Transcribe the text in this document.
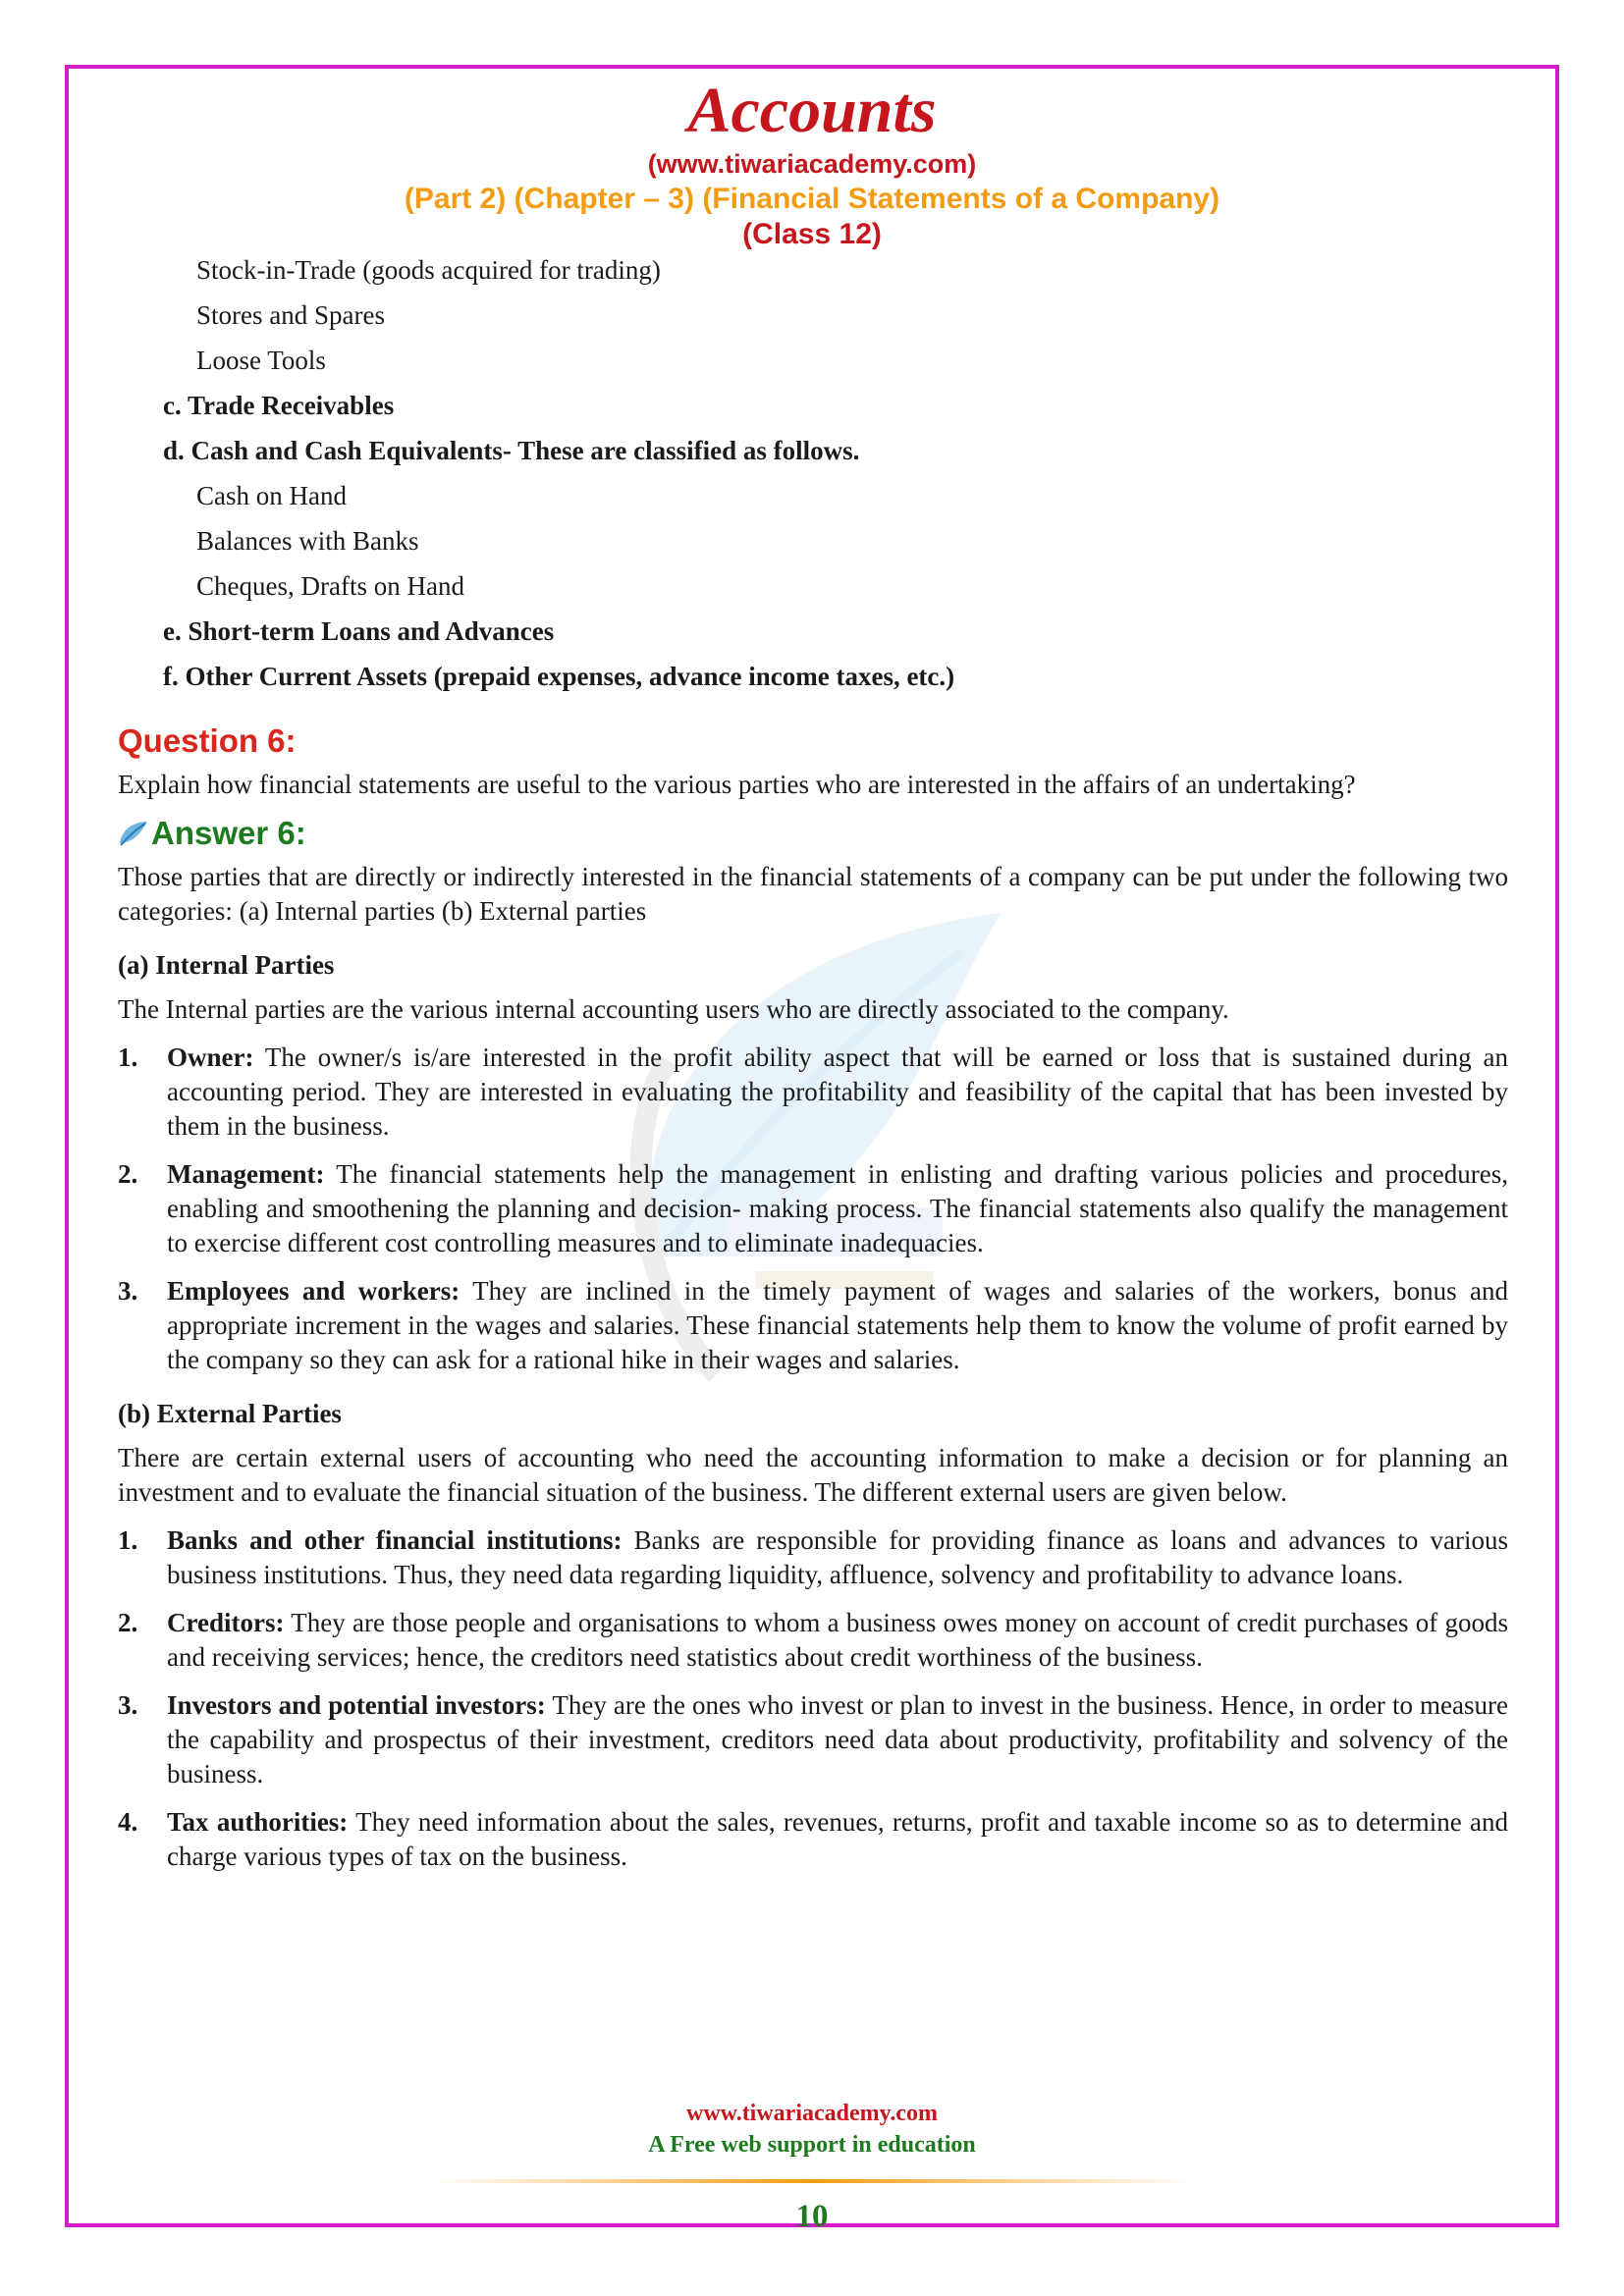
Accounts
(www.tiwariacademy.com)
(Part 2) (Chapter – 3) (Financial Statements of a Company)
(Class 12)
Stock-in-Trade (goods acquired for trading)
Stores and Spares
Loose Tools
c. Trade Receivables
d. Cash and Cash Equivalents- These are classified as follows.
Cash on Hand
Balances with Banks
Cheques, Drafts on Hand
e. Short-term Loans and Advances
f. Other Current Assets (prepaid expenses, advance income taxes, etc.)
Question 6:
Explain how financial statements are useful to the various parties who are interested in the affairs of an undertaking?
Answer 6:
Those parties that are directly or indirectly interested in the financial statements of a company can be put under the following two categories: (a) Internal parties (b) External parties
(a) Internal Parties
The Internal parties are the various internal accounting users who are directly associated to the company.
1.	Owner: The owner/s is/are interested in the profit ability aspect that will be earned or loss that is sustained during an accounting period. They are interested in evaluating the profitability and feasibility of the capital that has been invested by them in the business.
2.	Management: The financial statements help the management in enlisting and drafting various policies and procedures, enabling and smoothening the planning and decision- making process. The financial statements also qualify the management to exercise different cost controlling measures and to eliminate inadequacies.
3.	Employees and workers: They are inclined in the timely payment of wages and salaries of the workers, bonus and appropriate increment in the wages and salaries. These financial statements help them to know the volume of profit earned by the company so they can ask for a rational hike in their wages and salaries.
(b) External Parties
There are certain external users of accounting who need the accounting information to make a decision or for planning an investment and to evaluate the financial situation of the business. The different external users are given below.
1.	Banks and other financial institutions: Banks are responsible for providing finance as loans and advances to various business institutions. Thus, they need data regarding liquidity, affluence, solvency and profitability to advance loans.
2.	Creditors: They are those people and organisations to whom a business owes money on account of credit purchases of goods and receiving services; hence, the creditors need statistics about credit worthiness of the business.
3.	Investors and potential investors: They are the ones who invest or plan to invest in the business. Hence, in order to measure the capability and prospectus of their investment, creditors need data about productivity, profitability and solvency of the business.
4.	Tax authorities: They need information about the sales, revenues, returns, profit and taxable income so as to determine and charge various types of tax on the business.
www.tiwariacademy.com
A Free web support in education
10
